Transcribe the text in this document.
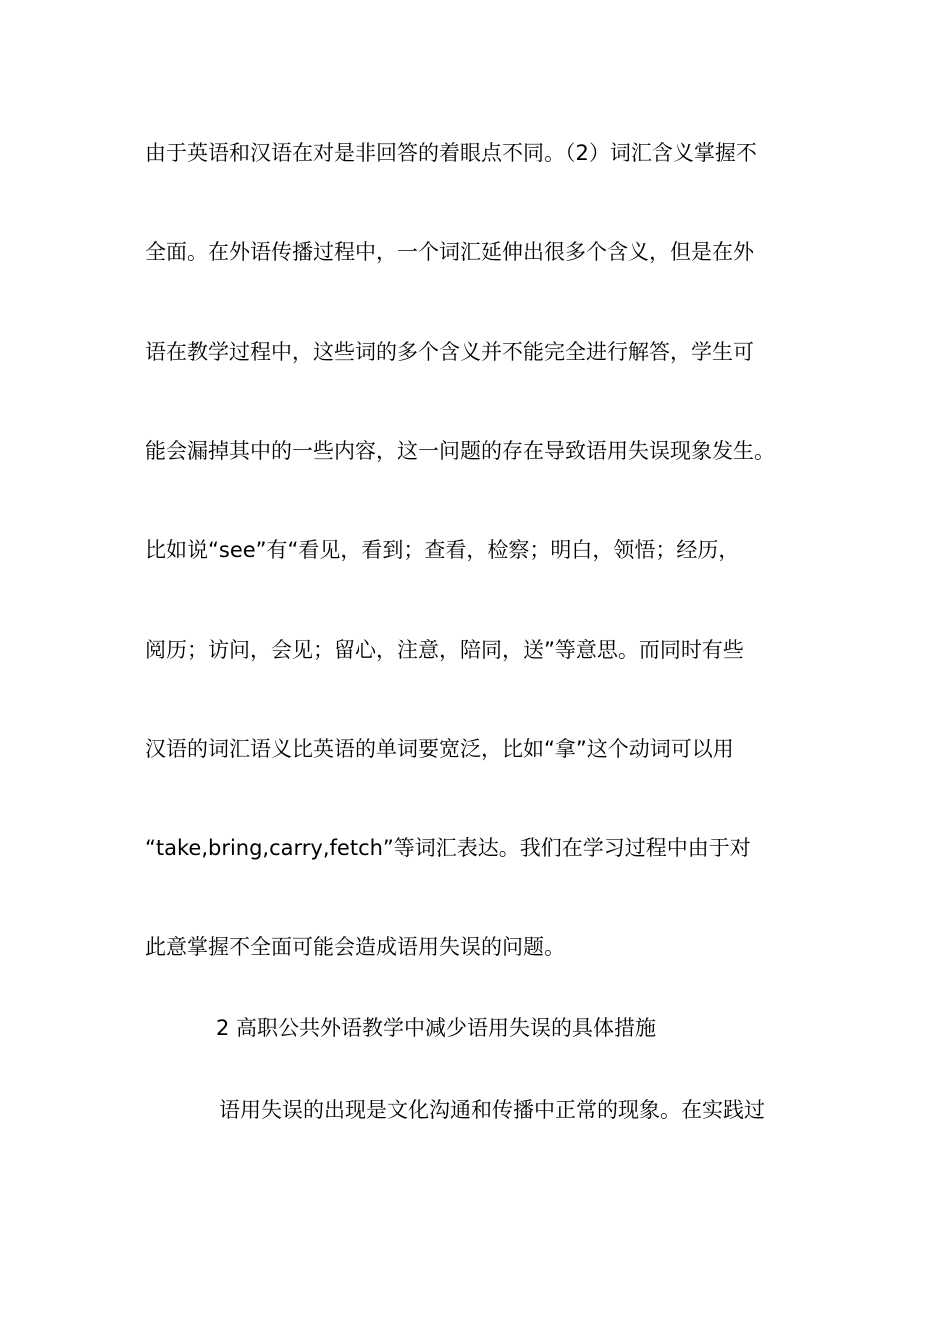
由于英语和汉语在对是非回答的着眼点不同。（2）词汇含义掌握不
全面。在外语传播过程中，一个词汇延伸出很多个含义，但是在外
语在教学过程中，这些词的多个含义并不能完全进行解答，学生可
能会漏掉其中的一些内容，这一问题的存在导致语用失误现象发生。
比如说“see”有“看见，看到；查看，检察；明白，领悟；经历，
阅历；访问，会见；留心，注意，陪同，送”等意思。而同时有些
汉语的词汇语义比英语的单词要宽泛，比如“拿”这个动词可以用
“take,bring,carry,fetch”等词汇表达。我们在学习过程中由于对
此意掌握不全面可能会造成语用失误的问题。
2 高职公共外语教学中减少语用失误的具体措施
语用失误的出现是文化沟通和传播中正常的现象。在实践过
